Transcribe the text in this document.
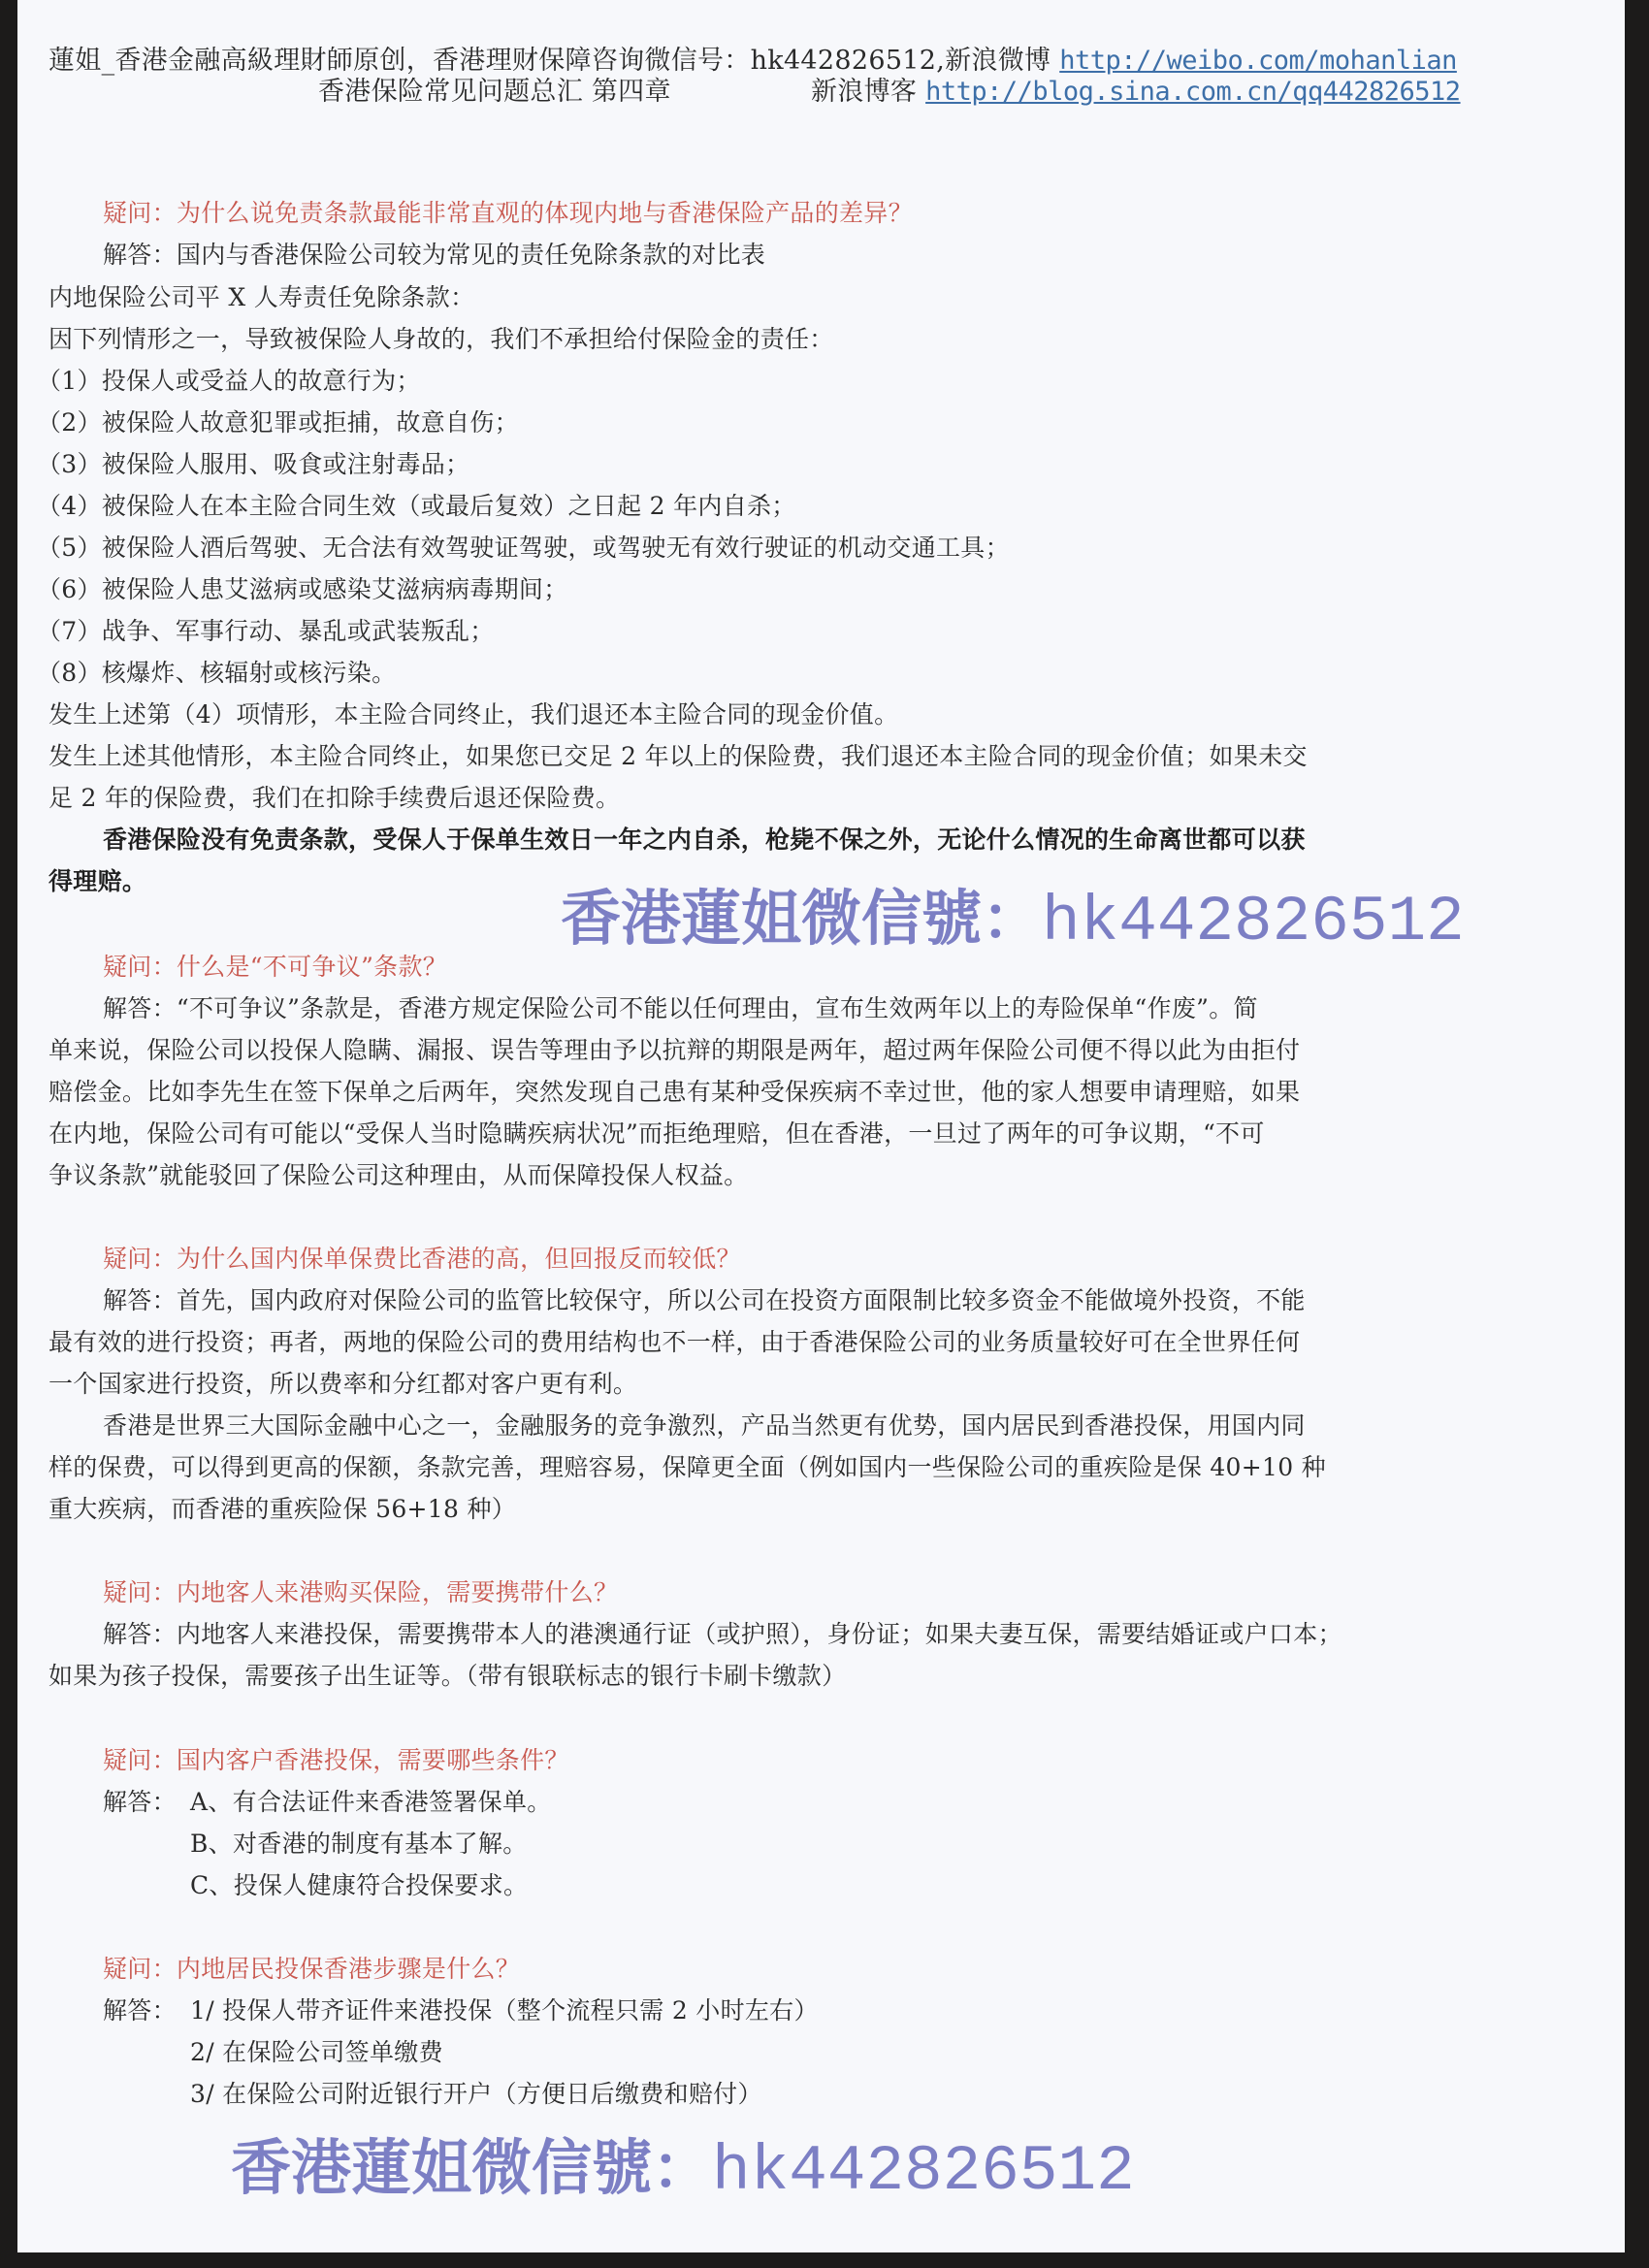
蓮姐_香港金融高級理財師原创，香港理财保障咨询微信号：hk442826512,新浪微博 http://weibo.com/mohanlian
香港保险常见问题总汇 第四章	新浪博客 http://blog.sina.com.cn/qq442826512
疑问：为什么说免责条款最能非常直观的体现内地与香港保险产品的差异？
解答：国内与香港保险公司较为常见的责任免除条款的对比表
内地保险公司平 X 人寿责任免除条款：
因下列情形之一，导致被保险人身故的，我们不承担给付保险金的责任：
（1）投保人或受益人的故意行为；
（2）被保险人故意犯罪或拒捕，故意自伤；
（3）被保险人服用、吸食或注射毒品；
（4）被保险人在本主险合同生效（或最后复效）之日起 2 年内自杀；
（5）被保险人酒后驾驶、无合法有效驾驶证驾驶，或驾驶无有效行驶证的机动交通工具；
（6）被保险人患艾滋病或感染艾滋病病毒期间；
（7）战争、军事行动、暴乱或武装叛乱；
（8）核爆炸、核辐射或核污染。
发生上述第（4）项情形，本主险合同终止，我们退还本主险合同的现金价值。
发生上述其他情形，本主险合同终止，如果您已交足 2 年以上的保险费，我们退还本主险合同的现金价值；如果未交
足 2 年的保险费，我们在扣除手续费后退还保险费。
香港保险没有免责条款，受保人于保单生效日一年之内自杀，枪毙不保之外，无论什么情况的生命离世都可以获
得理赔。
香港蓮姐微信號：hk442826512
疑问：什么是“不可争议”条款？
解答：“不可争议”条款是，香港方规定保险公司不能以任何理由，宣布生效两年以上的寿险保单“作废”。简
单来说，保险公司以投保人隐瞒、漏报、误告等理由予以抗辩的期限是两年，超过两年保险公司便不得以此为由拒付
赔偿金。比如李先生在签下保单之后两年，突然发现自己患有某种受保疾病不幸过世，他的家人想要申请理赔，如果
在内地，保险公司有可能以“受保人当时隐瞒疾病状况”而拒绝理赔，但在香港，一旦过了两年的可争议期，“不可
争议条款”就能驳回了保险公司这种理由，从而保障投保人权益。
疑问：为什么国内保单保费比香港的高，但回报反而较低？
解答：首先，国内政府对保险公司的监管比较保守，所以公司在投资方面限制比较多资金不能做境外投资，不能
最有效的进行投资；再者，两地的保险公司的费用结构也不一样，由于香港保险公司的业务质量较好可在全世界任何
一个国家进行投资，所以费率和分红都对客户更有利。
香港是世界三大国际金融中心之一，金融服务的竞争激烈，产品当然更有优势，国内居民到香港投保，用国内同
样的保费，可以得到更高的保额，条款完善，理赔容易，保障更全面（例如国内一些保险公司的重疾险是保 40+10 种
重大疾病，而香港的重疾险保 56+18 种）
疑问：内地客人来港购买保险，需要携带什么？
解答：内地客人来港投保，需要携带本人的港澳通行证（或护照），身份证；如果夫妻互保，需要结婚证或户口本；
如果为孩子投保，需要孩子出生证等。（带有银联标志的银行卡刷卡缴款）
疑问：国内客户香港投保，需要哪些条件？
解答： A、有合法证件来香港签署保单。
B、对香港的制度有基本了解。
C、投保人健康符合投保要求。
疑问：内地居民投保香港步骤是什么？
解答： 1/ 投保人带齐证件来港投保（整个流程只需 2 小时左右）
2/ 在保险公司签单缴费
3/ 在保险公司附近银行开户（方便日后缴费和赔付）
香港蓮姐微信號：hk442826512
